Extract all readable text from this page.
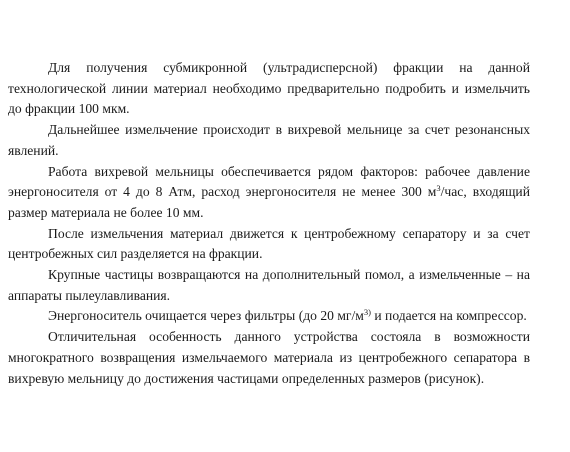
Для получения субмикронной (ультрадисперсной) фракции на данной технологической линии материал необходимо предварительно подробить и измельчить до фракции 100 мкм.

Дальнейшее измельчение происходит в вихревой мельнице за счет резонансных явлений.

Работа вихревой мельницы обеспечивается рядом факторов: рабочее давление энергоносителя от 4 до 8 Атм, расход энергоносителя не менее 300 $м^3$/час, входящий размер материала не более 10 мм.

После измельчения материал движется к центробежному сепаратору и за счет центробежных сил разделяется на фракции.

Крупные частицы возвращаются на дополнительный помол, а измельченные – на аппараты пылеулавливания.

Энергоноситель очищается через фильтры (до 20 $мг/м^{3)}$ и подается на компрессор.

Отличительная особенность данного устройства состояла в возможности многократного возвращения измельчаемого материала из центробежного сепаратора в вихревую мельницу до достижения частицами определенных размеров (рисунок).
